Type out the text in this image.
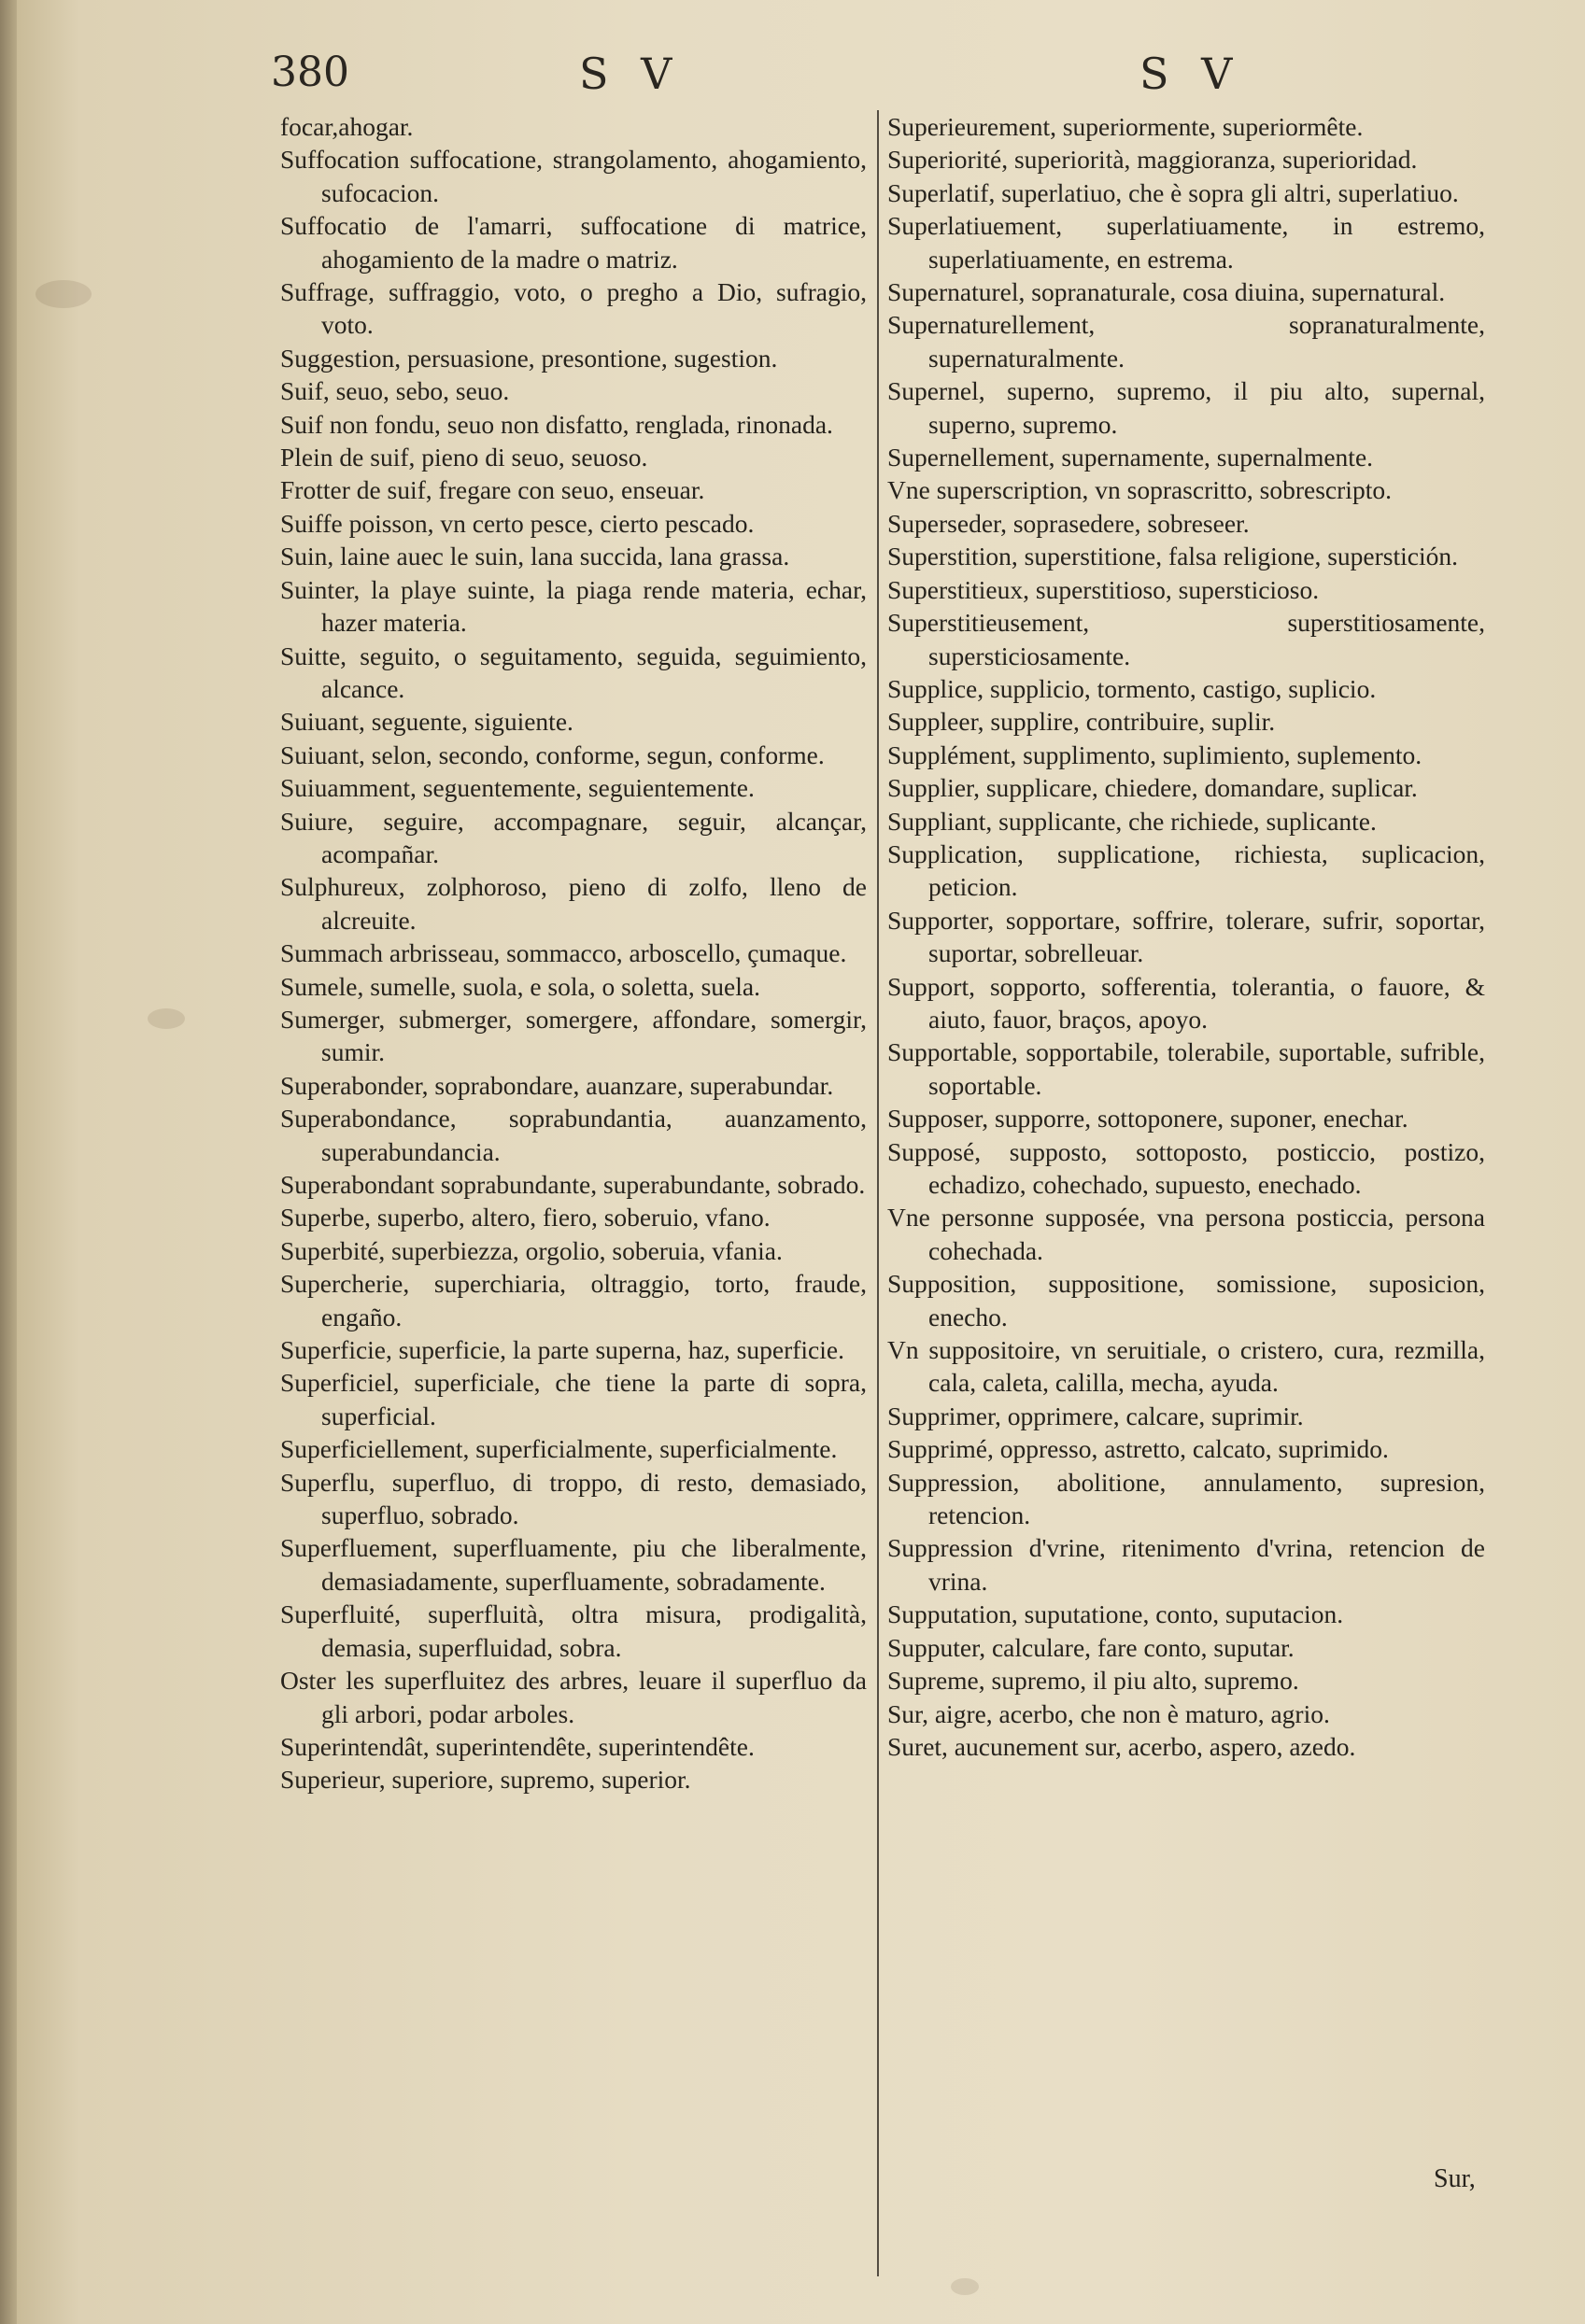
380	S V	S V

focar,ahogar.

Suffocation suffocatione, strangolamento, ahogamiento, sufocacion.

Suffocatio de l'amarri, suffocatione di matrice, ahogamiento de la madre o matriz.

Suffrage, suffraggio, voto, o pregho a Dio, sufragio, voto.

Suggestion, persuasione, presontione, sugestion.

Suif, seuo, sebo, seuo.

Suif non fondu, seuo non disfatto, renglada, rinonada.

Plein de suif, pieno di seuo, seuoso.

Frotter de suif, fregare con seuo, enseuar.

Suiffe poisson, vn certo pesce, cierto pescado.

Suin, laine auec le suin, lana succida, lana grassa.

Suinter, la playe suinte, la piaga rende materia, echar, hazer materia.

Suitte, seguito, o seguitamento, seguida, seguimiento, alcance.

Suiuant, seguente, siguiente.

Suiuant, selon, secondo, conforme, segun, conforme.

Suiuamment, seguentemente, seguientemente.

Suiure, seguire, accompagnare, seguir, alcançar, acompañar.

Sulphureux, zolphoroso, pieno di zolfo, lleno de alcreuite.

Summach arbrisseau, sommacco, arboscello, çumaque.

Sumele, sumelle, suola, e sola, o soletta, suela.

Sumerger, submerger, somergere, affondare, somergir, sumir.

Superabonder, soprabondare, auanzare, superabundar.

Superabondance, soprabundantia, auanzamento, superabundancia.

Superabondant soprabundante, superabundante, sobrado.

Superbe, superbo, altero, fiero, soberuio, vfano.

Superbité, superbiezza, orgolio, soberuia, vfania.

Supercherie, superchiaria, oltraggio, torto, fraude, engaño.

Superficie, superficie, la parte superna, haz, superficie.

Superficiel, superficiale, che tiene la parte di sopra, superficial.

Superficiellement, superficialmente, superficialmente.

Superflu, superfluo, di troppo, di resto, demasiado, superfluo, sobrado.

Superfluement, superfluamente, piu che liberalmente, demasiadamente, superfluamente, sobradamente.

Superfluité, superfluità, oltra misura, prodigalità, demasia, superfluidad, sobra.

Oster les superfluitez des arbres, leuare il superfluo da gli arbori, podar arboles.

Superintendât, superintendête, superintendête.

Superieur, superiore, supremo, superior.

Superieurement, superiormente, superiormête.

Superiorité, superiorità, maggioranza, superioridad.

Superlatif, superlatiuo, che è sopra gli altri, superlatiuo.

Superlatiuement, superlatiuamente, in estremo, superlatiuamente, en estrema.

Supernaturel, sopranaturale, cosa diuina, supernatural.

Supernaturellement, sopranaturalmente, supernaturalmente.

Supernel, superno, supremo, il piu alto, supernal, superno, supremo.

Supernellement, supernamente, supernalmente.

Vne superscription, vn soprascritto, sobrescripto.

Superseder, soprasedere, sobreseer.

Superstition, superstitione, falsa religione, superstición.

Superstitieux, superstitioso, supersticioso.

Superstitieusement, superstitiosamente, supersticiosamente.

Supplice, supplicio, tormento, castigo, suplicio.

Suppleer, supplire, contribuire, suplir.

Supplément, supplimento, suplimiento, suplemento.

Supplier, supplicare, chiedere, domandare, suplicar.

Suppliant, supplicante, che richiede, suplicante.

Supplication, supplicatione, richiesta, suplicacion, peticion.

Supporter, sopportare, soffrire, tolerare, sufrir, soportar, suportar, sobrelleuar.

Support, sopporto, sofferentia, tolerantia, o fauore, & aiuto, fauor, braços, apoyo.

Supportable, sopportabile, tolerabile, suportable, sufrible, soportable.

Supposer, supporre, sottoponere, suponer, enechar.

Supposé, supposto, sottoposto, posticcio, postizo, echadizo, cohechado, supuesto, enechado.

Vne personne supposée, vna persona posticcia, persona cohechada.

Supposition, suppositione, somissione, suposicion, enecho.

Vn suppositoire, vn seruitiale, o cristero, cura, rezmilla, cala, caleta, calilla, mecha, ayuda.

Supprimer, opprimere, calcare, suprimir.

Supprimé, oppresso, astretto, calcato, suprimido.

Suppression, abolitione, annulamento, supresion, retencion.

Suppression d'vrine, ritenimento d'vrina, retencion de vrina.

Supputation, suputatione, conto, suputacion.

Supputer, calculare, fare conto, suputar.

Supreme, supremo, il piu alto, supremo.

Sur, aigre, acerbo, che non è maturo, agrio.

Suret, aucunement sur, acerbo, aspero, azedo.

Sur,
